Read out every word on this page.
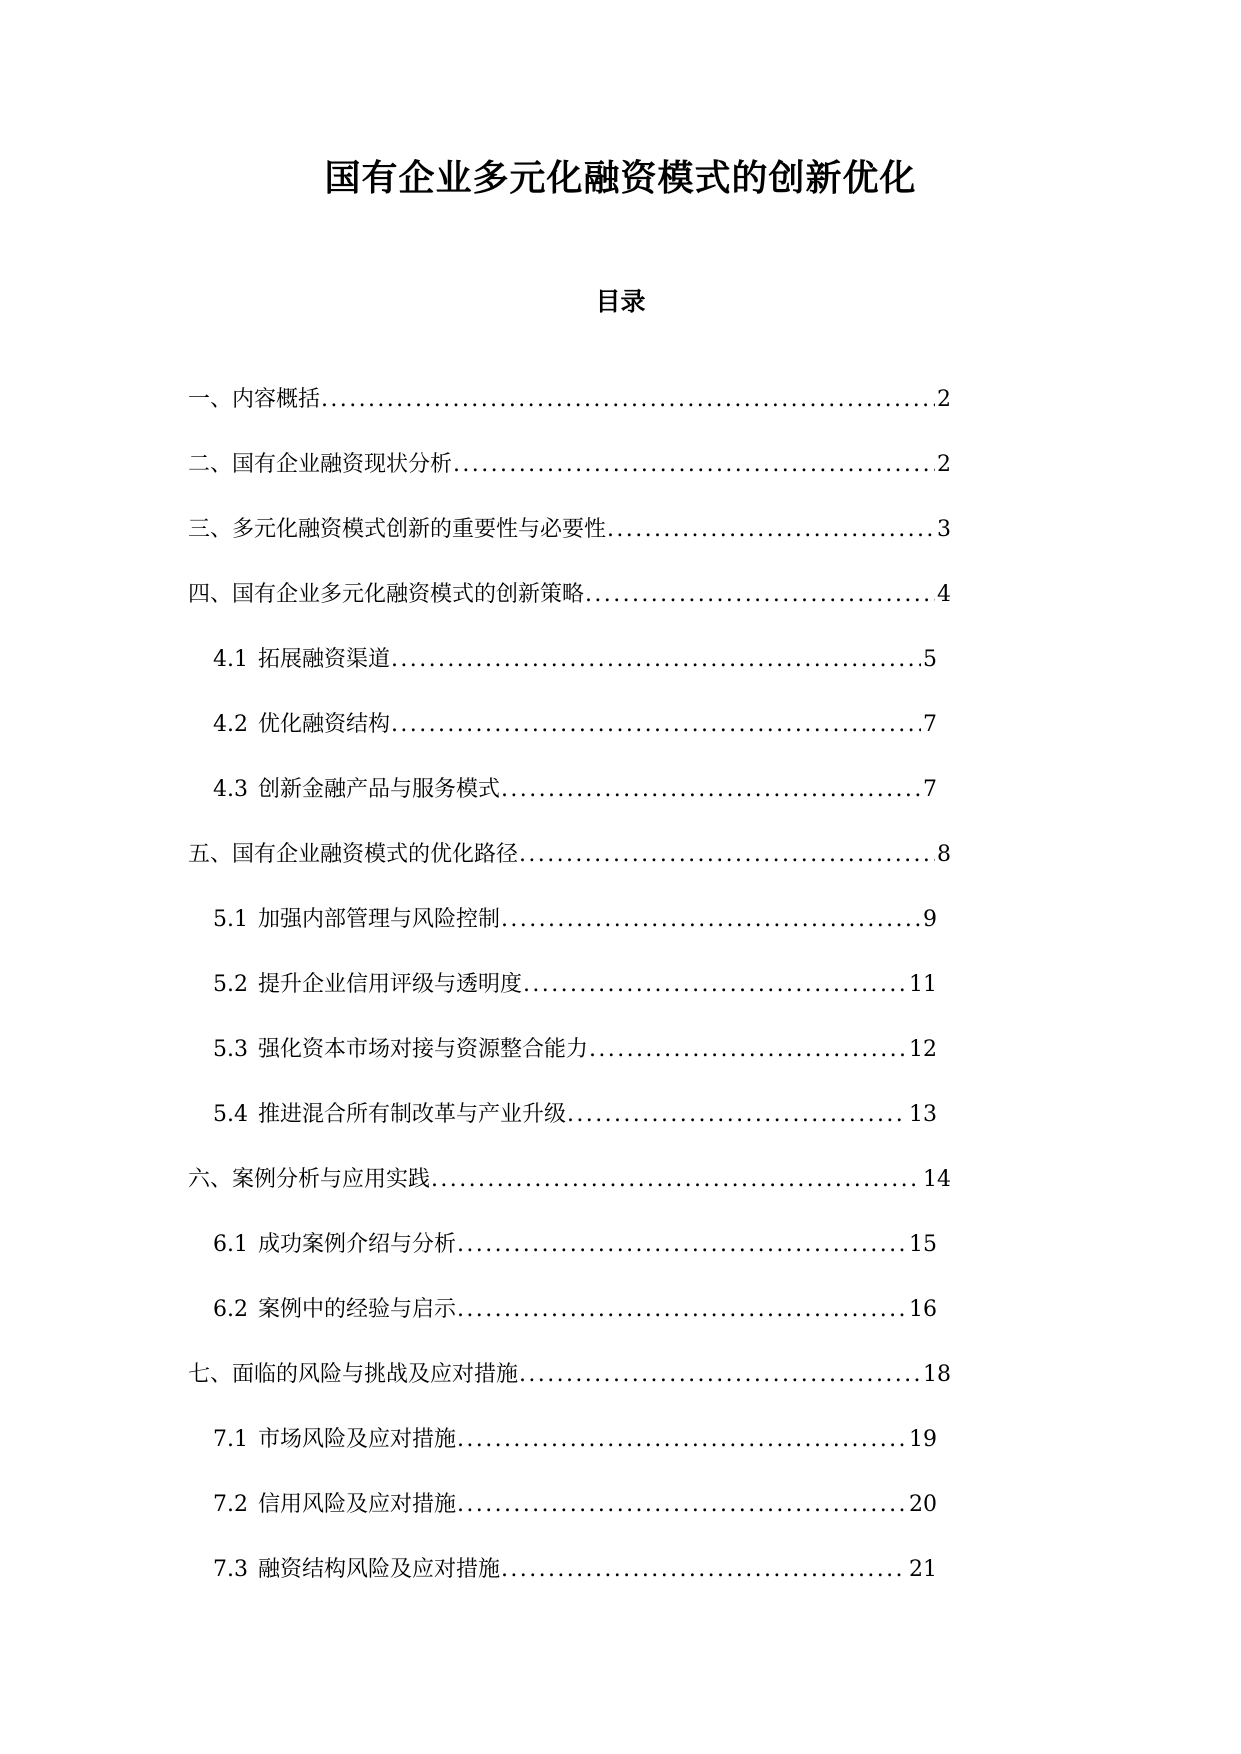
国有企业多元化融资模式的创新优化
目录
一、内容概括 .....	2
二、国有企业融资现状分析 .....	2
三、多元化融资模式创新的重要性与必要性 .....	3
四、国有企业多元化融资模式的创新策略 .....	4
4.1 拓展融资渠道 .....	5
4.2 优化融资结构 .....	7
4.3 创新金融产品与服务模式 .....	7
五、国有企业融资模式的优化路径 .....	8
5.1 加强内部管理与风险控制 .....	9
5.2 提升企业信用评级与透明度 .....	11
5.3 强化资本市场对接与资源整合能力 .....	12
5.4 推进混合所有制改革与产业升级 .....	13
六、案例分析与应用实践 .....	14
6.1 成功案例介绍与分析 .....	15
6.2 案例中的经验与启示 .....	16
七、面临的风险与挑战及应对措施 .....	18
7.1 市场风险及应对措施 .....	19
7.2 信用风险及应对措施 .....	20
7.3 融资结构风险及应对措施 .....	21
